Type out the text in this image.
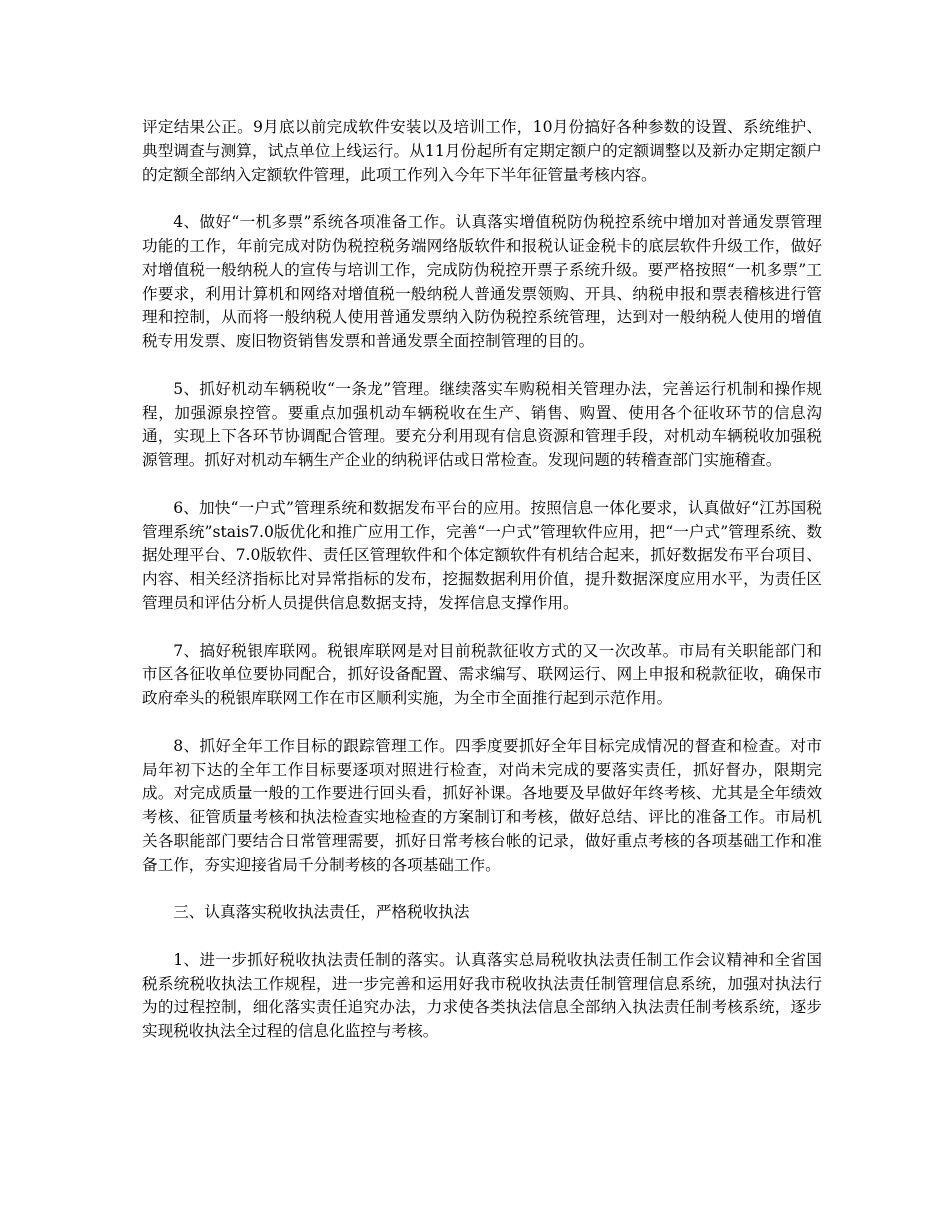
评定结果公正。9月底以前完成软件安装以及培训工作，10月份搞好各种参数的设置、系统维护、典型调查与测算，试点单位上线运行。从11月份起所有定期定额户的定额调整以及新办定期定额户的定额全部纳入定额软件管理，此项工作列入今年下半年征管量考核内容。

4、做好“一机多票”系统各项准备工作。认真落实增值税防伪税控系统中增加对普通发票管理功能的工作，年前完成对防伪税控税务端网络版软件和报税认证金税卡的底层软件升级工作，做好对增值税一般纳税人的宣传与培训工作，完成防伪税控开票子系统升级。要严格按照“一机多票”工作要求，利用计算机和网络对增值税一般纳税人普通发票领购、开具、纳税申报和票表稽核进行管理和控制，从而将一般纳税人使用普通发票纳入防伪税控系统管理，达到对一般纳税人使用的增值税专用发票、废旧物资销售发票和普通发票全面控制管理的目的。

5、抓好机动车辆税收“一条龙”管理。继续落实车购税相关管理办法，完善运行机制和操作规程，加强源泉控管。要重点加强机动车辆税收在生产、销售、购置、使用各个征收环节的信息沟通，实现上下各环节协调配合管理。要充分利用现有信息资源和管理手段，对机动车辆税收加强税源管理。抓好对机动车辆生产企业的纳税评估或日常检查。发现问题的转稽查部门实施稽查。

6、加快“一户式”管理系统和数据发布平台的应用。按照信息一体化要求，认真做好“江苏国税管理系统”stais7.0版优化和推广应用工作，完善“一户式”管理软件应用，把“一户式”管理系统、数据处理平台、7.0版软件、责任区管理软件和个体定额软件有机结合起来，抓好数据发布平台项目、内容、相关经济指标比对异常指标的发布，挖掘数据利用价值，提升数据深度应用水平，为责任区管理员和评估分析人员提供信息数据支持，发挥信息支撑作用。

7、搞好税银库联网。税银库联网是对目前税款征收方式的又一次改革。市局有关职能部门和市区各征收单位要协同配合，抓好设备配置、需求编写、联网运行、网上申报和税款征收，确保市政府牵头的税银库联网工作在市区顺利实施，为全市全面推行起到示范作用。

8、抓好全年工作目标的跟踪管理工作。四季度要抓好全年目标完成情况的督查和检查。对市局年初下达的全年工作目标要逐项对照进行检查，对尚未完成的要落实责任，抓好督办，限期完成。对完成质量一般的工作要进行回头看，抓好补课。各地要及早做好年终考核、尤其是全年绩效考核、征管质量考核和执法检查实地检查的方案制订和考核，做好总结、评比的准备工作。市局机关各职能部门要结合日常管理需要，抓好日常考核台帐的记录，做好重点考核的各项基础工作和准备工作，夯实迎接省局千分制考核的各项基础工作。

三、认真落实税收执法责任，严格税收执法

1、进一步抓好税收执法责任制的落实。认真落实总局税收执法责任制工作会议精神和全省国税系统税收执法工作规程，进一步完善和运用好我市税收执法责任制管理信息系统，加强对执法行为的过程控制，细化落实责任追究办法，力求使各类执法信息全部纳入执法责任制考核系统，逐步实现税收执法全过程的信息化监控与考核。
